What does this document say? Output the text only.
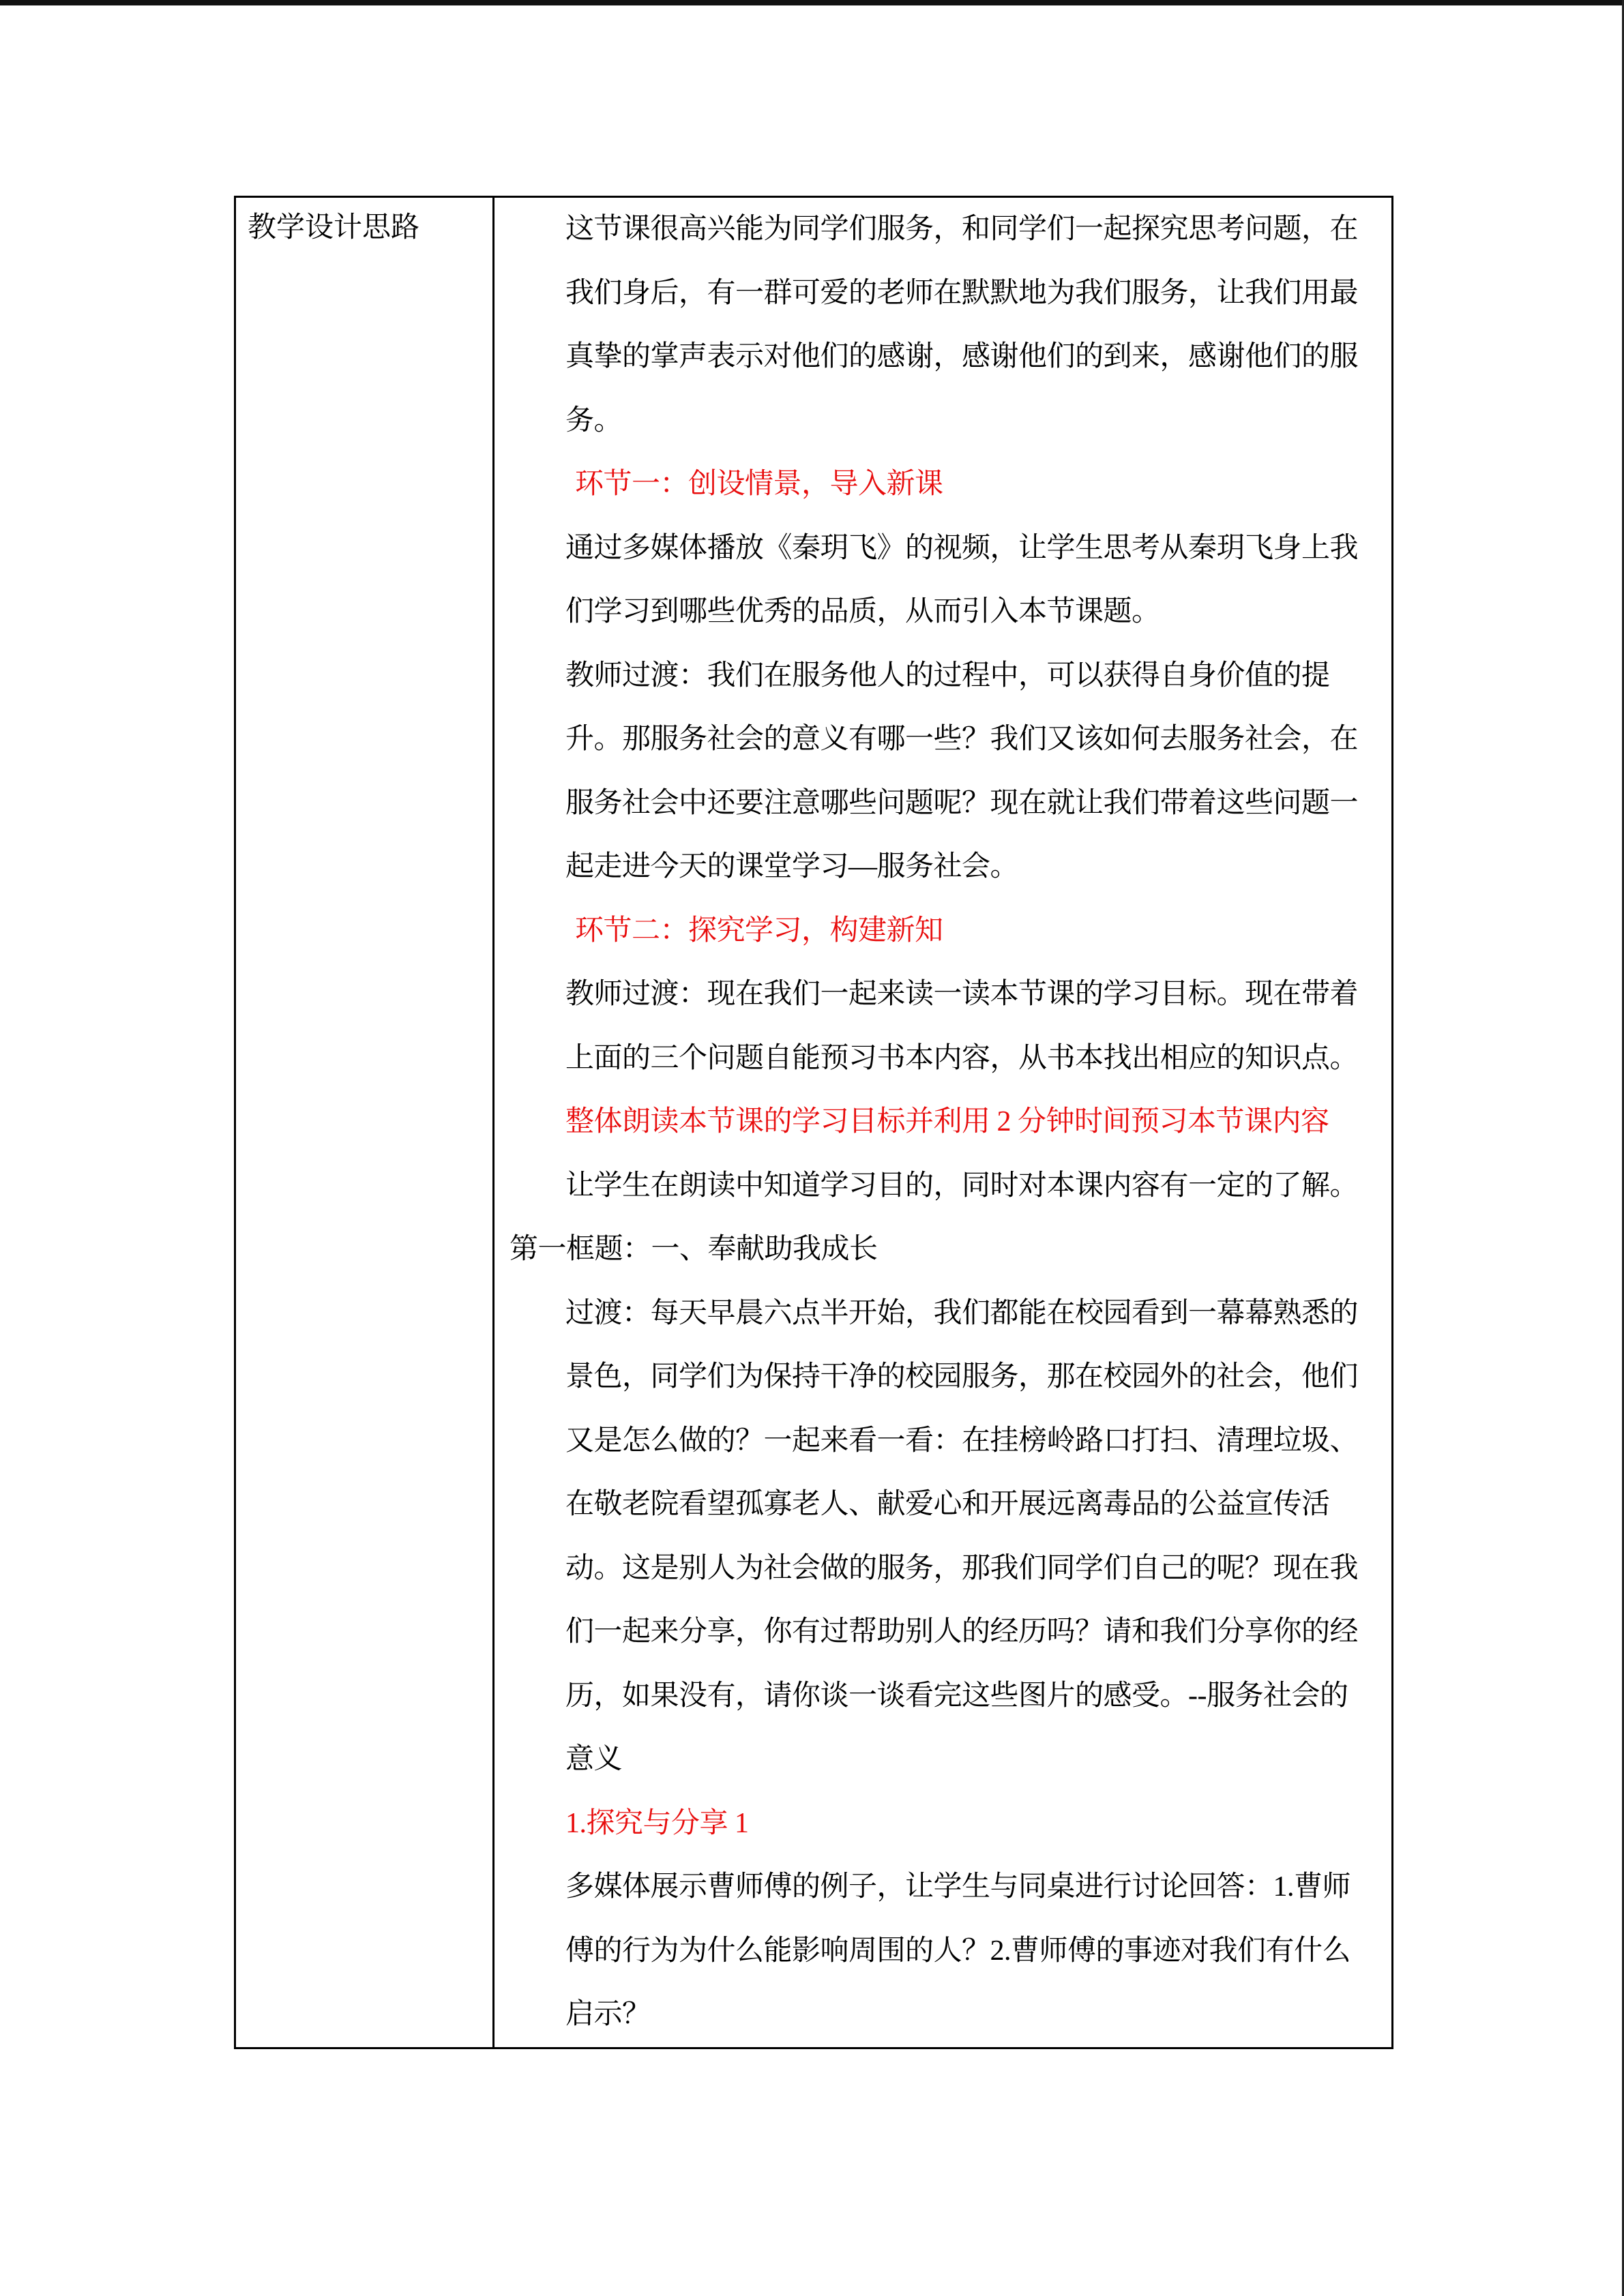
教学设计思路	这节课很高兴能为同学们服务，和同学们一起探究思考问题，在
我们身后，有一群可爱的老师在默默地为我们服务，让我们用最
真挚的掌声表示对他们的感谢，感谢他们的到来，感谢他们的服
务。
环节一：创设情景，导入新课
通过多媒体播放《秦玥飞》的视频，让学生思考从秦玥飞身上我
们学习到哪些优秀的品质，从而引入本节课题。
教师过渡：我们在服务他人的过程中，可以获得自身价值的提
升。那服务社会的意义有哪一些？我们又该如何去服务社会，在
服务社会中还要注意哪些问题呢？现在就让我们带着这些问题一
起走进今天的课堂学习—服务社会。
环节二：探究学习，构建新知
教师过渡：现在我们一起来读一读本节课的学习目标。现在带着
上面的三个问题自能预习书本内容，从书本找出相应的知识点。
整体朗读本节课的学习目标并利用 2 分钟时间预习本节课内容
让学生在朗读中知道学习目的，同时对本课内容有一定的了解。
第一框题：一、奉献助我成长
过渡：每天早晨六点半开始，我们都能在校园看到一幕幕熟悉的
景色，同学们为保持干净的校园服务，那在校园外的社会，他们
又是怎么做的？一起来看一看：在挂榜岭路口打扫、清理垃圾、
在敬老院看望孤寡老人、献爱心和开展远离毒品的公益宣传活
动。这是别人为社会做的服务，那我们同学们自己的呢？现在我
们一起来分享，你有过帮助别人的经历吗？请和我们分享你的经
历，如果没有，请你谈一谈看完这些图片的感受。--服务社会的
意义
1.探究与分享 1
多媒体展示曹师傅的例子，让学生与同桌进行讨论回答：1.曹师
傅的行为为什么能影响周围的人？2.曹师傅的事迹对我们有什么
启示？
